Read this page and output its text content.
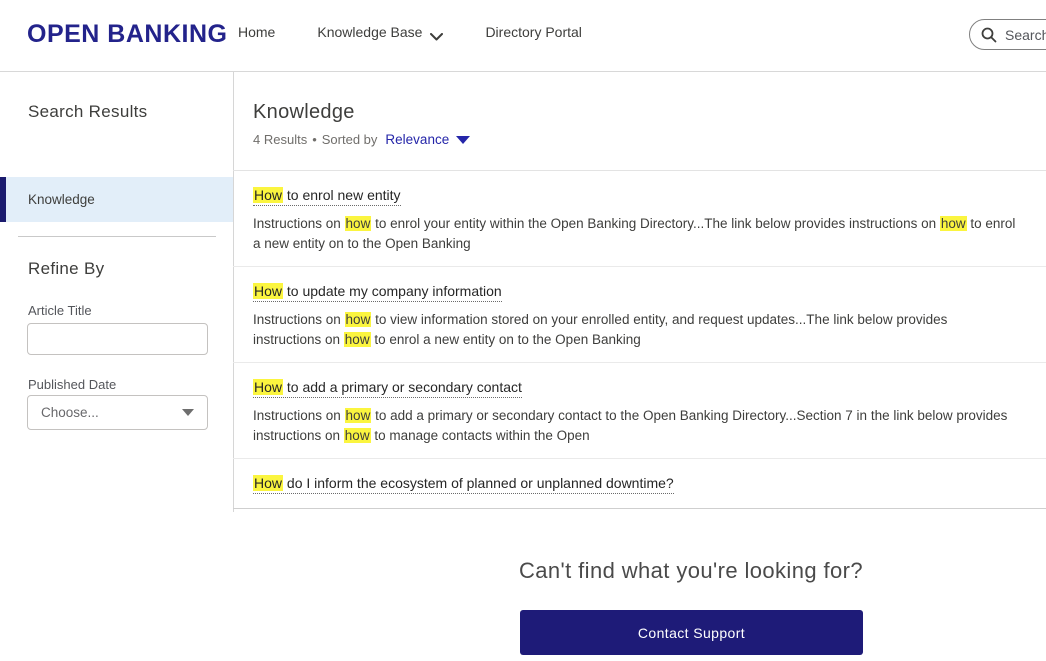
OPEN BANKING Home	Knowledge Base	Directory Portal
Search
Search Results
Knowledge
Refine By
Article Title
Published Date
Choose...
Knowledge
4 Results • Sorted by Relevance
How to enrol new entity

Instructions on how to enrol your entity within the Open Banking Directory...The link below provides instructions on how to enrol a new entity on to the Open Banking

How to update my company information

Instructions on how to view information stored on your enrolled entity, and request updates...The link below provides instructions on how to enrol a new entity on to the Open Banking

How to add a primary or secondary contact

Instructions on how to add a primary or secondary contact to the Open Banking Directory...Section 7 in the link below provides instructions on how to manage contacts within the Open

How do I inform the ecosystem of planned or unplanned downtime?
Can't find what you're looking for?
Contact Support
